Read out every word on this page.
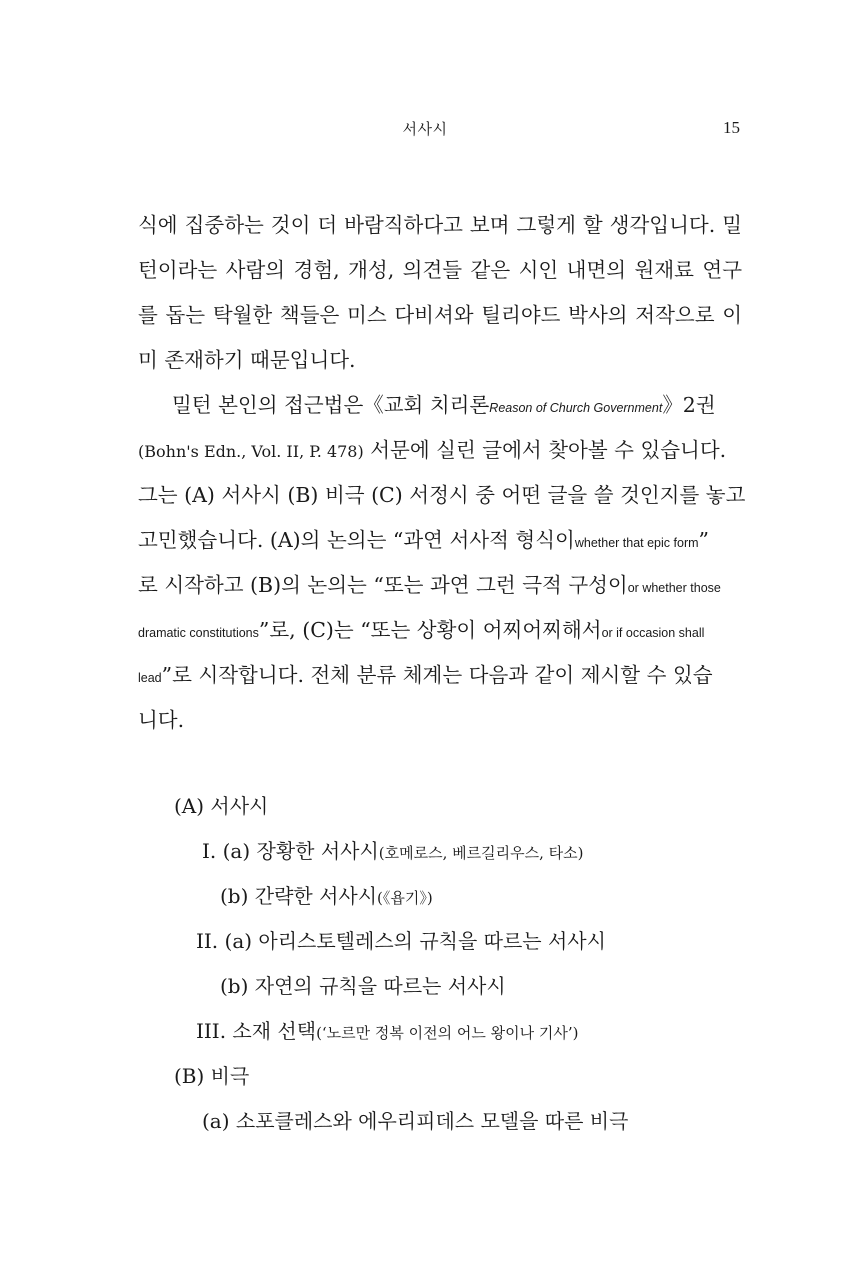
서사시	15
식에 집중하는 것이 더 바람직하다고 보며 그렇게 할 생각입니다. 밀
턴이라는 사람의 경험, 개성, 의견들 같은 시인 내면의 원재료 연구
를 돕는 탁월한 책들은 미스 다비셔와 틸리야드 박사의 저작으로 이
미 존재하기 때문입니다.
밀턴 본인의 접근법은《교회 치리론Reason of Church Government》2권
(Bohn's Edn., Vol. II, P. 478) 서문에 실린 글에서 찾아볼 수 있습니다.
그는 (A) 서사시 (B) 비극 (C) 서정시 중 어떤 글을 쓸 것인지를 놓고
고민했습니다. (A)의 논의는 “과연 서사적 형식이whether that epic form”
로 시작하고 (B)의 논의는 “또는 과연 그런 극적 구성이or whether those
dramatic constitutions”로, (C)는 “또는 상황이 어찌어찌해서or if occasion shall
lead”로 시작합니다. 전체 분류 체계는 다음과 같이 제시할 수 있습
니다.
(A) 서사시
I. (a) 장황한 서사시(호메로스, 베르길리우스, 타소)
(b) 간략한 서사시(《욥기》)
II. (a) 아리스토텔레스의 규칙을 따르는 서사시
(b) 자연의 규칙을 따르는 서사시
III. 소재 선택(‘노르만 정복 이전의 어느 왕이나 기사’)
(B) 비극
(a) 소포클레스와 에우리피데스 모델을 따른 비극
